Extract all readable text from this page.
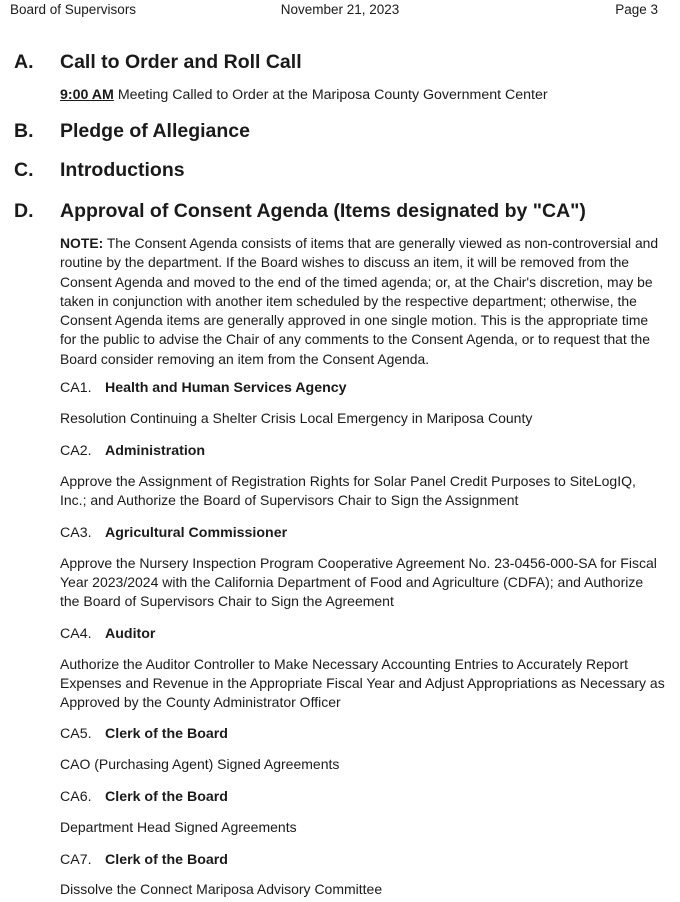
Board of Supervisors	November 21, 2023	Page 3
A. Call to Order and Roll Call
9:00 AM Meeting Called to Order at the Mariposa County Government Center
B. Pledge of Allegiance
C. Introductions
D. Approval of Consent Agenda (Items designated by "CA")
NOTE: The Consent Agenda consists of items that are generally viewed as non-controversial and routine by the department. If the Board wishes to discuss an item, it will be removed from the Consent Agenda and moved to the end of the timed agenda; or, at the Chair's discretion, may be taken in conjunction with another item scheduled by the respective department; otherwise, the Consent Agenda items are generally approved in one single motion. This is the appropriate time for the public to advise the Chair of any comments to the Consent Agenda, or to request that the Board consider removing an item from the Consent Agenda.
CA1. Health and Human Services Agency
Resolution Continuing a Shelter Crisis Local Emergency in Mariposa County
CA2. Administration
Approve the Assignment of Registration Rights for Solar Panel Credit Purposes to SiteLogIQ, Inc.; and Authorize the Board of Supervisors Chair to Sign the Assignment
CA3. Agricultural Commissioner
Approve the Nursery Inspection Program Cooperative Agreement No. 23-0456-000-SA for Fiscal Year 2023/2024 with the California Department of Food and Agriculture (CDFA); and Authorize the Board of Supervisors Chair to Sign the Agreement
CA4. Auditor
Authorize the Auditor Controller to Make Necessary Accounting Entries to Accurately Report Expenses and Revenue in the Appropriate Fiscal Year and Adjust Appropriations as Necessary as Approved by the County Administrator Officer
CA5. Clerk of the Board
CAO (Purchasing Agent) Signed Agreements
CA6. Clerk of the Board
Department Head Signed Agreements
CA7. Clerk of the Board
Dissolve the Connect Mariposa Advisory Committee
